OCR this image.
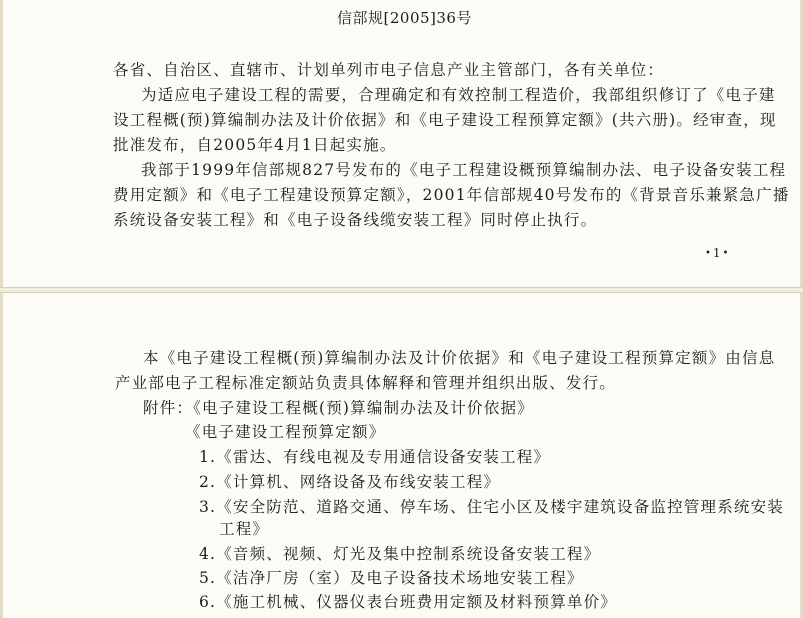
信部规[2005]36号
各省、自治区、直辖市、计划单列市电子信息产业主管部门，各有关单位：
为适应电子建设工程的需要，合理确定和有效控制工程造价，我部组织修订了《电子建
设工程概(预)算编制办法及计价依据》和《电子建设工程预算定额》(共六册)。经审查，现
批准发布，自2005年4月1日起实施。
我部于1999年信部规827号发布的《电子工程建设概预算编制办法、电子设备安装工程
费用定额》和《电子工程建设预算定额》，2001年信部规40号发布的《背景音乐兼紧急广播
系统设备安装工程》和《电子设备线缆安装工程》同时停止执行。
•1•
本《电子建设工程概(预)算编制办法及计价依据》和《电子建设工程预算定额》由信息
产业部电子工程标准定额站负责具体解释和管理并组织出版、发行。
附件：《电子建设工程概(预)算编制办法及计价依据》
《电子建设工程预算定额》
1.《雷达、有线电视及专用通信设备安装工程》
2.《计算机、网络设备及布线安装工程》
3.《安全防范、道路交通、停车场、住宅小区及楼宇建筑设备监控管理系统安装
工程》
4.《音频、视频、灯光及集中控制系统设备安装工程》
5.《洁净厂房（室）及电子设备技术场地安装工程》
6.《施工机械、仪器仪表台班费用定额及材料预算单价》
